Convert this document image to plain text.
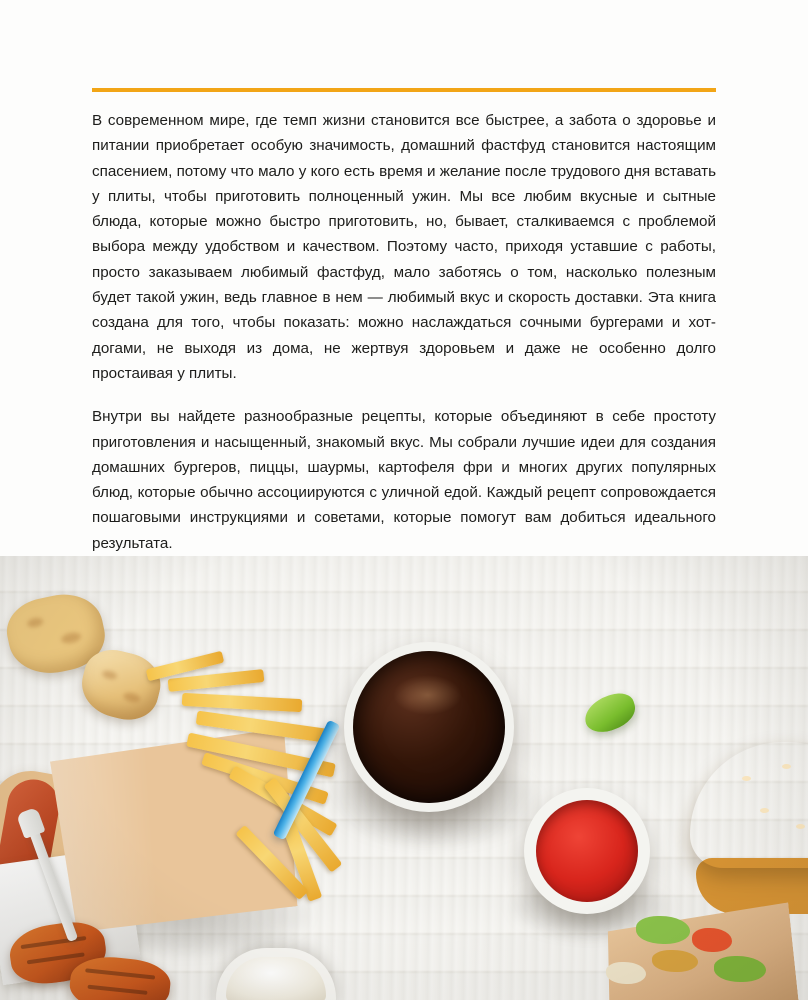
В современном мире, где темп жизни становится все быстрее, а забота о здоровье и питании приобретает особую значимость, домашний фастфуд становится настоящим спасением, потому что мало у кого есть время и желание после трудового дня вставать у плиты, чтобы приготовить полноценный ужин. Мы все любим вкусные и сытные блюда, которые можно быстро приготовить, но, бывает, сталкиваемся с проблемой выбора между удобством и качеством. Поэтому часто, приходя уставшие с работы, просто заказываем любимый фастфуд, мало заботясь о том, насколько полезным будет такой ужин, ведь главное в нем — любимый вкус и скорость доставки. Эта книга создана для того, чтобы показать: можно наслаждаться сочными бургерами и хот-догами, не выходя из дома, не жертвуя здоровьем и даже не особенно долго простаивая у плиты.

Внутри вы найдете разнообразные рецепты, которые объединяют в себе простоту приготовления и насыщенный, знакомый вкус. Мы собрали лучшие идеи для создания домашних бургеров, пиццы, шаурмы, картофеля фри и многих других популярных блюд, которые обычно ассоциируются с уличной едой. Каждый рецепт сопровождается пошаговыми инструкциями и советами, которые помогут вам добиться идеального результата.
